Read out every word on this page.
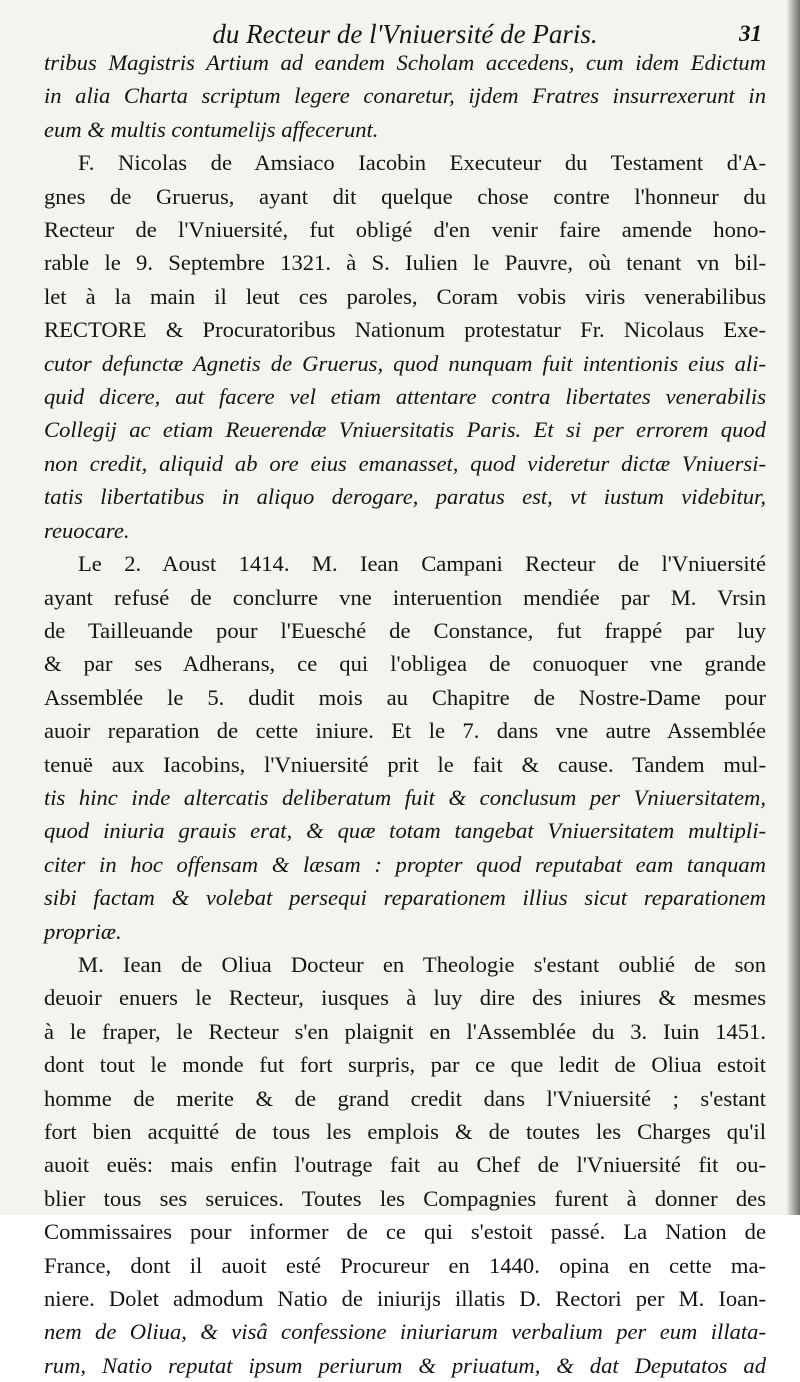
du Recteur de l'Vniuersité de Paris.	31
tribus Magistris Artium ad eandem Scholam accedens, cum idem Edictum
in alia Charta scriptum legere conaretur, ijdem Fratres insurrexerunt in
eum & multis contumelijs affecerunt.
F. Nicolas de Amsiaco Iacobin Executeur du Testament d'A-
gnes de Gruerus, ayant dit quelque chose contre l'honneur du
Recteur de l'Vniuersité, fut obligé d'en venir faire amende hono-
rable le 9. Septembre 1321. à S. Iulien le Pauvre, où tenant vn bil-
let à la main il leut ces paroles, Coram vobis viris venerabilibus
RECTORE & Procuratoribus Nationum protestatur Fr. Nicolaus Exe-
cutor defunctæ Agnetis de Gruerus, quod nunquam fuit intentionis eius ali-
quid dicere, aut facere vel etiam attentare contra libertates venerabilis
Collegij ac etiam Reuerendæ Vniuersitatis Paris. Et si per errorem quod
non credit, aliquid ab ore eius emanasset, quod videretur dictæ Vniuersi-
tatis libertatibus in aliquo derogare, paratus est, vt iustum videbitur,
reuocare.
Le 2. Aoust 1414. M. Iean Campani Recteur de l'Vniuersité
ayant refusé de conclurre vne interuention mendiée par M. Vrsin
de Tailleuande pour l'Euesché de Constance, fut frappé par luy
& par ses Adherans, ce qui l'obligea de conuoquer vne grande
Assemblée le 5. dudit mois au Chapitre de Nostre-Dame pour
auoir reparation de cette iniure. Et le 7. dans vne autre Assemblée
tenuë aux Iacobins, l'Vniuersité prit le fait & cause. Tandem mul-
tis hinc inde altercatis deliberatum fuit & conclusum per Vniuersitatem,
quod iniuria grauis erat, & quæ totam tangebat Vniuersitatem multipli-
citer in hoc offensam & læsam : propter quod reputabat eam tanquam
sibi factam & volebat persequi reparationem illius sicut reparationem
propriæ.
M. Iean de Oliua Docteur en Theologie s'estant oublié de son
deuoir enuers le Recteur, iusques à luy dire des iniures & mesmes
à le fraper, le Recteur s'en plaignit en l'Assemblée du 3. Iuin 1451.
dont tout le monde fut fort surpris, par ce que ledit de Oliua estoit
homme de merite & de grand credit dans l'Vniuersité ; s'estant
fort bien acquitté de tous les emplois & de toutes les Charges qu'il
auoit euës: mais enfin l'outrage fait au Chef de l'Vniuersité fit ou-
blier tous ses seruices. Toutes les Compagnies furent à donner des
Commissaires pour informer de ce qui s'estoit passé. La Nation de
France, dont il auoit esté Procureur en 1440. opina en cette ma-
niere. Dolet admodum Natio de iniurijs illatis D. Rectori per M. Ioan-
nem de Oliua, & visâ confessione iniuriarum verbalium per eum illata-
rum, Natio reputat ipsum periurum & priuatum, & dat Deputatos ad
